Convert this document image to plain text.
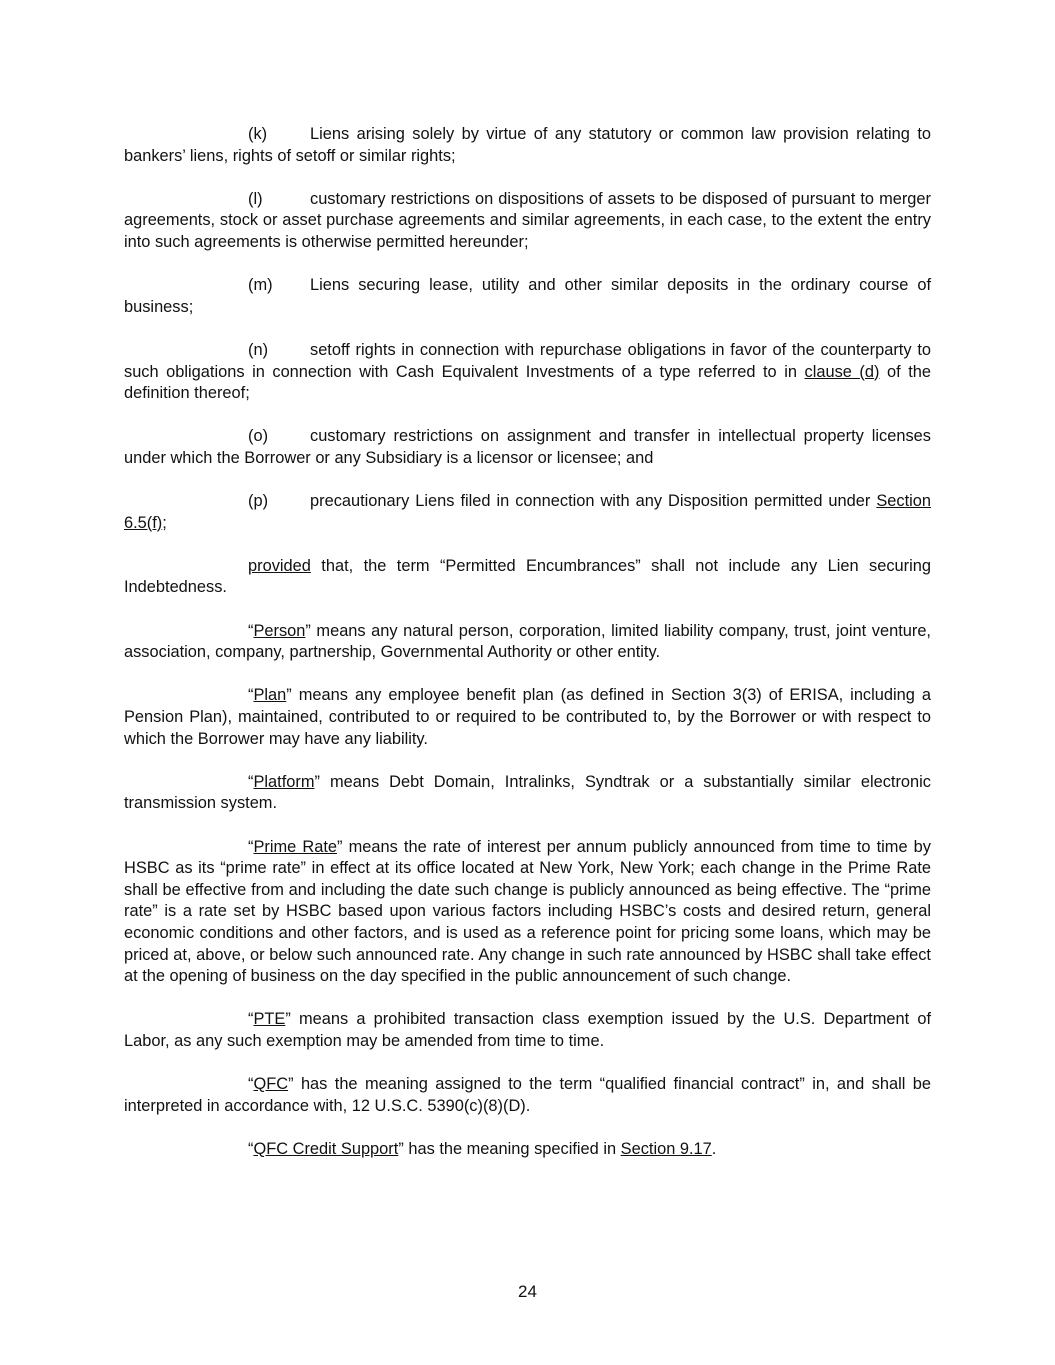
(k)	Liens arising solely by virtue of any statutory or common law provision relating to bankers’ liens, rights of setoff or similar rights;

(l)	customary restrictions on dispositions of assets to be disposed of pursuant to merger agreements, stock or asset purchase agreements and similar agreements, in each case, to the extent the entry into such agreements is otherwise permitted hereunder;

(m) Liens securing lease, utility and other similar deposits in the ordinary course of business;

(n)	setoff rights in connection with repurchase obligations in favor of the counterparty to such obligations in connection with Cash Equivalent Investments of a type referred to in clause (d) of the definition thereof;

(o)	customary restrictions on assignment and transfer in intellectual property licenses under which the Borrower or any Subsidiary is a licensor or licensee; and

(p)	precautionary Liens filed in connection with any Disposition permitted under Section 6.5(f);

provided that, the term “Permitted Encumbrances” shall not include any Lien securing Indebtedness.

“Person” means any natural person, corporation, limited liability company, trust, joint venture, association, company, partnership, Governmental Authority or other entity.

“Plan” means any employee benefit plan (as defined in Section 3(3) of ERISA, including a Pension Plan), maintained, contributed to or required to be contributed to, by the Borrower or with respect to which the Borrower may have any liability.

“Platform” means Debt Domain, Intralinks, Syndtrak or a substantially similar electronic transmission system.

“Prime Rate” means the rate of interest per annum publicly announced from time to time by HSBC as its “prime rate” in effect at its office located at New York, New York; each change in the Prime Rate shall be effective from and including the date such change is publicly announced as being effective. The “prime rate” is a rate set by HSBC based upon various factors including HSBC’s costs and desired return, general economic conditions and other factors, and is used as a reference point for pricing some loans, which may be priced at, above, or below such announced rate. Any change in such rate announced by HSBC shall take effect at the opening of business on the day specified in the public announcement of such change.

“PTE” means a prohibited transaction class exemption issued by the U.S. Department of Labor, as any such exemption may be amended from time to time.

“QFC” has the meaning assigned to the term “qualified financial contract” in, and shall be interpreted in accordance with, 12 U.S.C. 5390(c)(8)(D).

“QFC Credit Support” has the meaning specified in Section 9.17.

24
